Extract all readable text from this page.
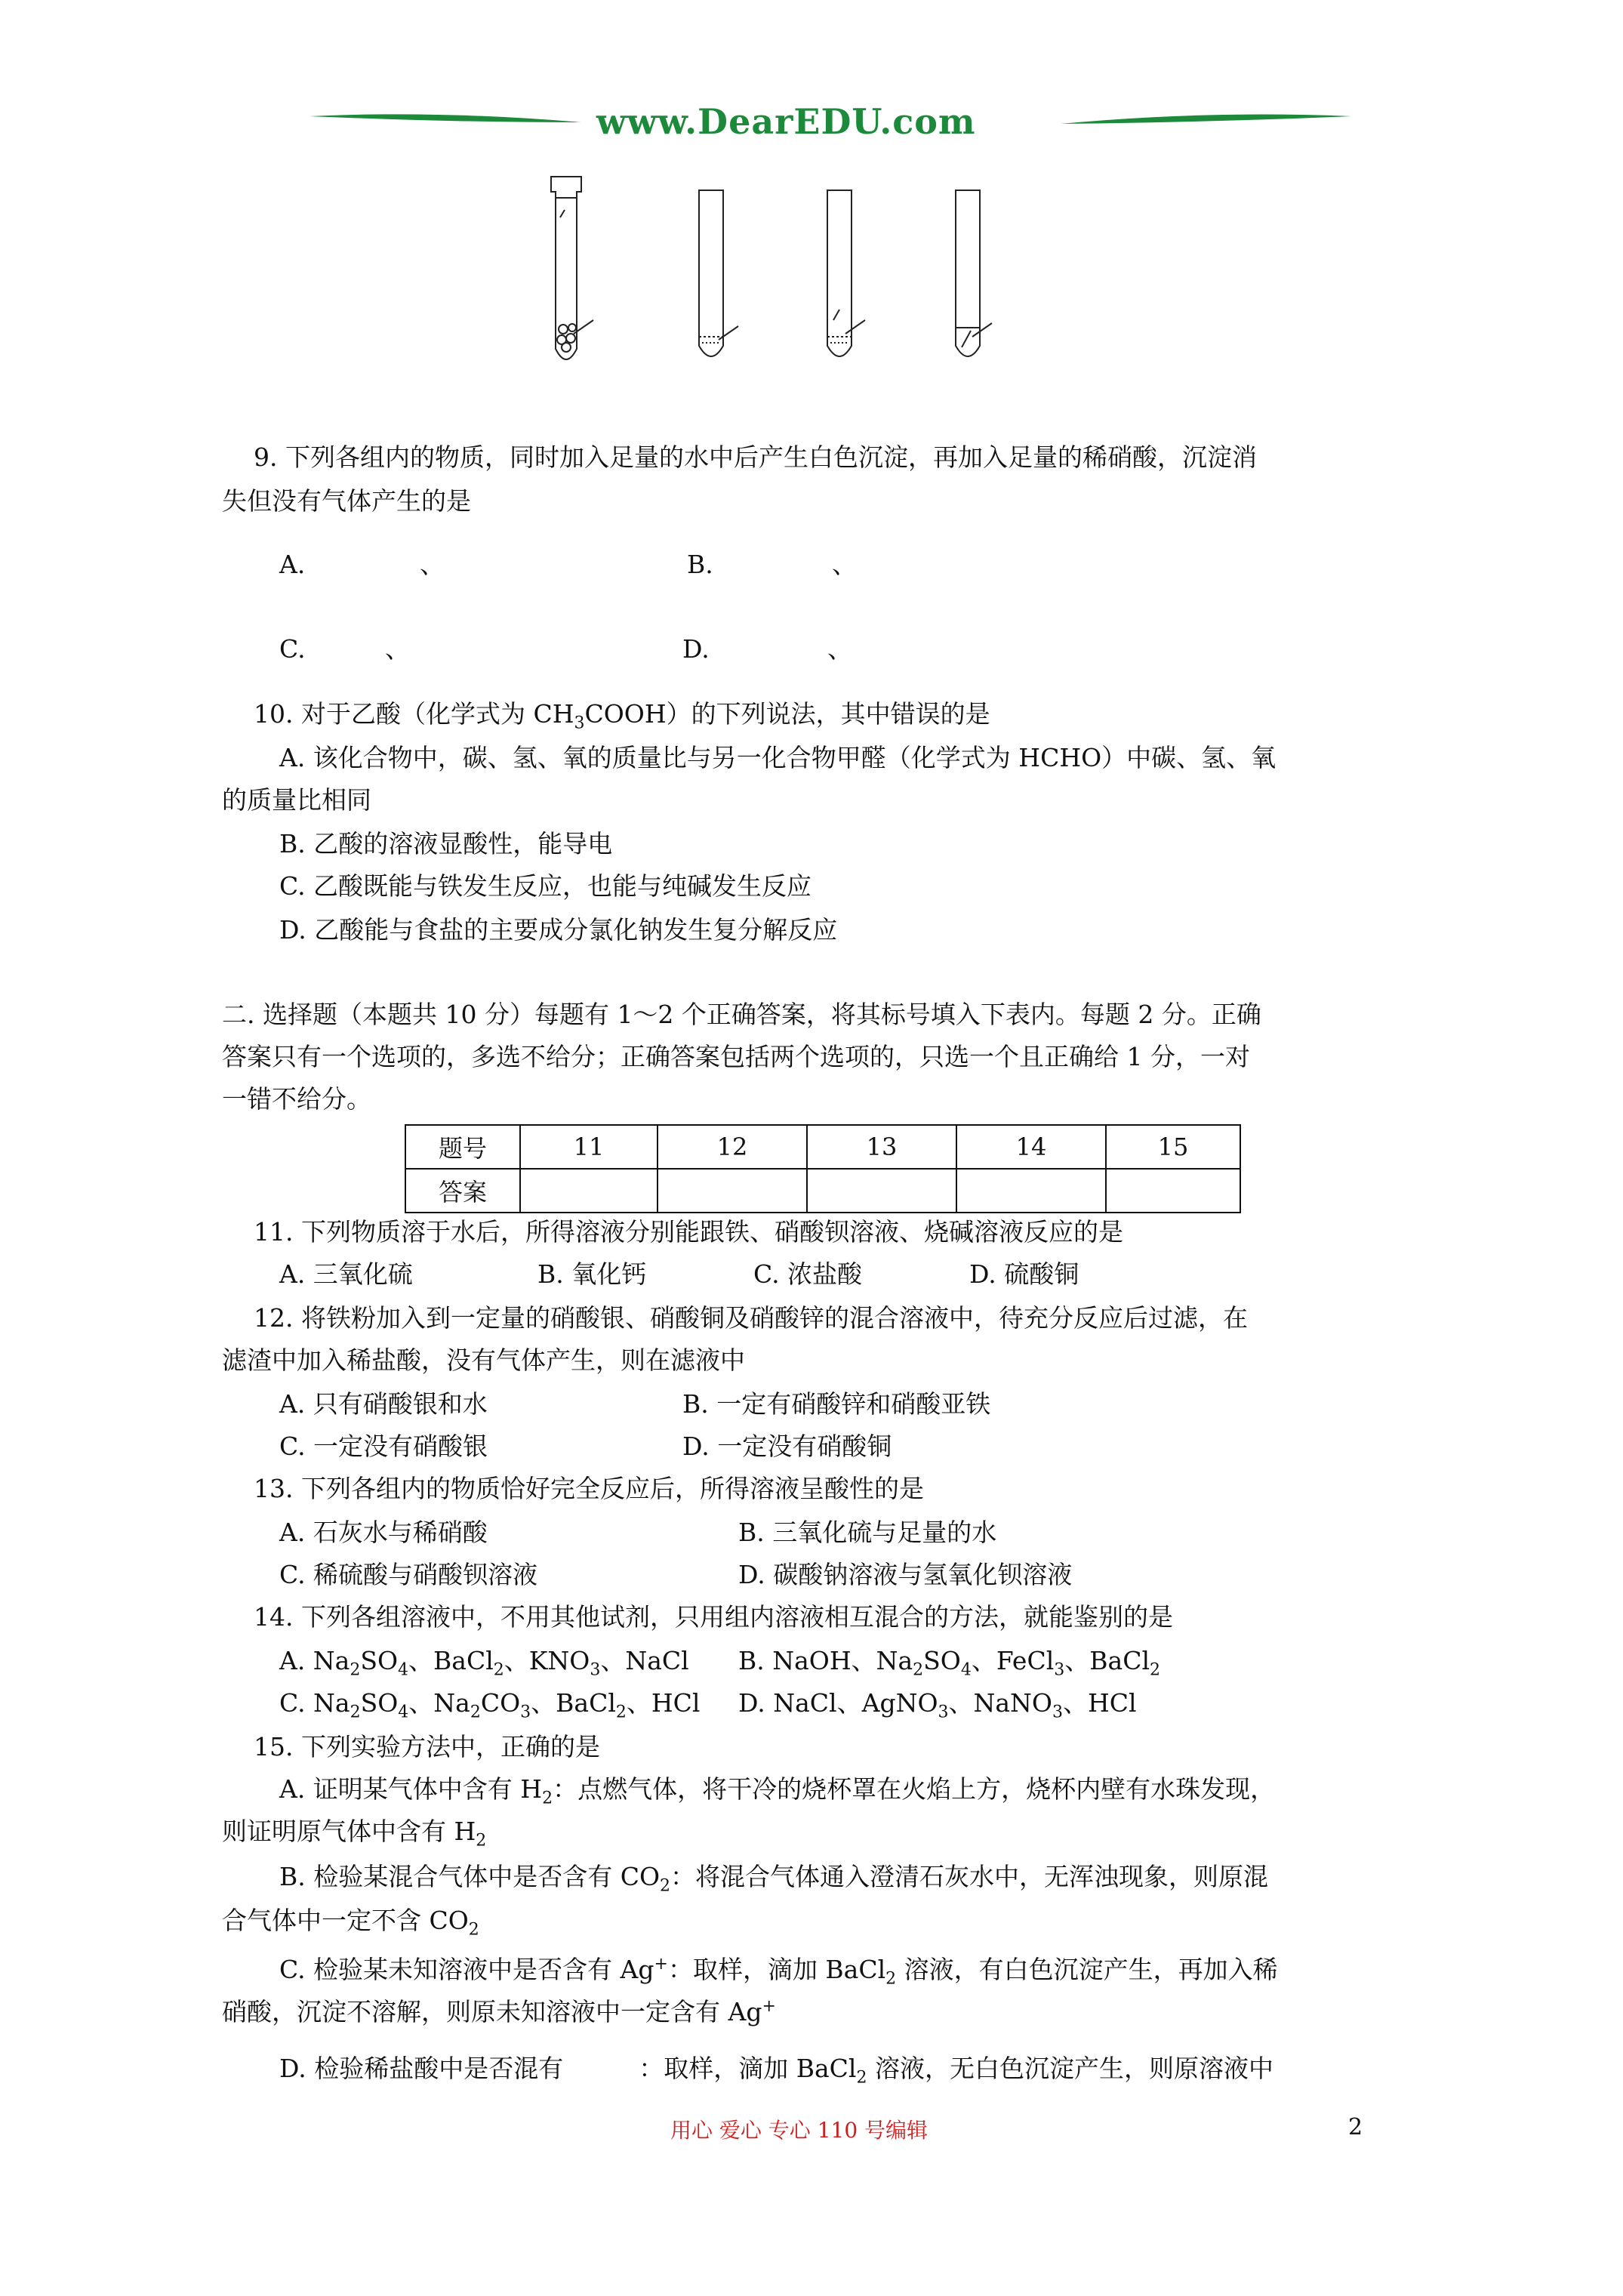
www.DearEDU.com
9. 下列各组内的物质，同时加入足量的水中后产生白色沉淀，再加入足量的稀硝酸，沉淀消
失但没有气体产生的是
A.	、	B.	、
C.	、	D.	、
10. 对于乙酸（化学式为 $CH_3COOH$）的下列说法，其中错误的是
A. 该化合物中，碳、氢、氧的质量比与另一化合物甲醛（化学式为 HCHO）中碳、氢、氧
的质量比相同
B. 乙酸的溶液显酸性，能导电
C. 乙酸既能与铁发生反应，也能与纯碱发生反应
D. 乙酸能与食盐的主要成分氯化钠发生复分解反应
二. 选择题（本题共 10 分）每题有 1～2 个正确答案，将其标号填入下表内。每题 2 分。正确
答案只有一个选项的，多选不给分；正确答案包括两个选项的，只选一个且正确给 1 分，一对
一错不给分。
题号	11	12	13	14	15
答案					
11. 下列物质溶于水后，所得溶液分别能跟铁、硝酸钡溶液、烧碱溶液反应的是
A. 三氧化硫	B. 氧化钙	C. 浓盐酸	D. 硫酸铜
12. 将铁粉加入到一定量的硝酸银、硝酸铜及硝酸锌的混合溶液中，待充分反应后过滤，在
滤渣中加入稀盐酸，没有气体产生，则在滤液中
A. 只有硝酸银和水	B. 一定有硝酸锌和硝酸亚铁
C. 一定没有硝酸银	D. 一定没有硝酸铜
13. 下列各组内的物质恰好完全反应后，所得溶液呈酸性的是
A. 石灰水与稀硝酸	B. 三氧化硫与足量的水
C. 稀硫酸与硝酸钡溶液	D. 碳酸钠溶液与氢氧化钡溶液
14. 下列各组溶液中，不用其他试剂，只用组内溶液相互混合的方法，就能鉴别的是
A. $Na_2SO_4$、BaCl$_2$、$KNO_3$、NaCl B. NaOH、$Na_2SO_4$、FeCl$_3$、BaCl$_2$
C. $Na_2SO_4$、$Na_2CO_3$、BaCl$_2$、HCl D. NaCl、AgNO$_3$、NaNO$_3$、HCl
15. 下列实验方法中，正确的是
A. 证明某气体中含有 $H_2$：点燃气体，将干冷的烧杯罩在火焰上方，烧杯内壁有水珠发现，
则证明原气体中含有 $H_2$
B. 检验某混合气体中是否含有 $CO_2$：将混合气体通入澄清石灰水中，无浑浊现象，则原混
合气体中一定不含 $CO_2$
C. 检验某未知溶液中是否含有 Ag+：取样，滴加 BaCl$_2$ 溶液，有白色沉淀产生，再加入稀
硝酸，沉淀不溶解，则原未知溶液中一定含有 Ag+
D. 检验稀盐酸中是否混有	：取样，滴加 BaCl$_2$ 溶液，无白色沉淀产生，则原溶液中
用心 爱心 专心 110 号编辑	2
